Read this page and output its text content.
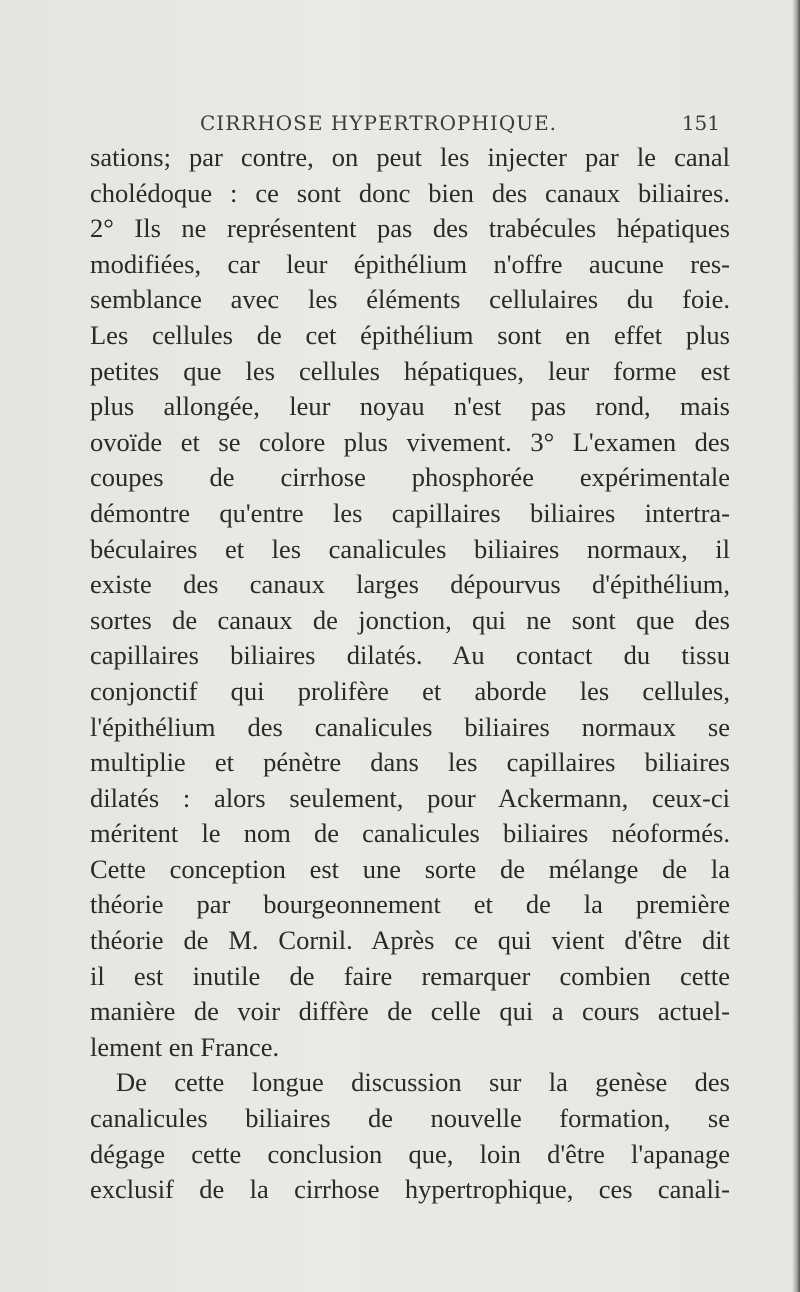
CIRRHOSE HYPERTROPHIQUE.	151
sations; par contre, on peut les injecter par le canal
cholédoque : ce sont donc bien des canaux biliaires.
2° Ils ne représentent pas des trabécules hépatiques
modifiées, car leur épithélium n'offre aucune res-
semblance avec les éléments cellulaires du foie.
Les cellules de cet épithélium sont en effet plus
petites que les cellules hépatiques, leur forme est
plus allongée, leur noyau n'est pas rond, mais
ovoïde et se colore plus vivement. 3° L'examen des
coupes de cirrhose phosphorée expérimentale
démontre qu'entre les capillaires biliaires intertra-
béculaires et les canalicules biliaires normaux, il
existe des canaux larges dépourvus d'épithélium,
sortes de canaux de jonction, qui ne sont que des
capillaires biliaires dilatés. Au contact du tissu
conjonctif qui prolifère et aborde les cellules,
l'épithélium des canalicules biliaires normaux se
multiplie et pénètre dans les capillaires biliaires
dilatés : alors seulement, pour Ackermann, ceux-ci
méritent le nom de canalicules biliaires néoformés.
Cette conception est une sorte de mélange de la
théorie par bourgeonnement et de la première
théorie de M. Cornil. Après ce qui vient d'être dit
il est inutile de faire remarquer combien cette
manière de voir diffère de celle qui a cours actuel-
lement en France.
De cette longue discussion sur la genèse des
canalicules biliaires de nouvelle formation, se
dégage cette conclusion que, loin d'être l'apanage
exclusif de la cirrhose hypertrophique, ces canali-
